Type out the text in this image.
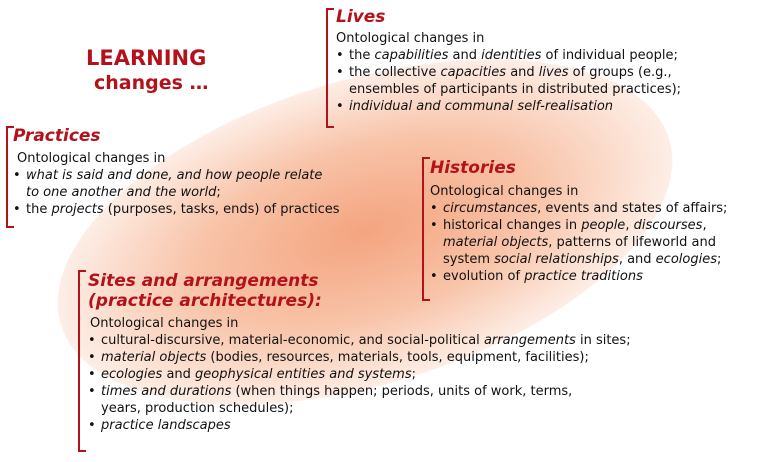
LEARNING
changes …
Lives
Ontological changes in
• the capabilities and identities of individual people;
• the collective capacities and lives of groups (e.g.,
ensembles of participants in distributed practices);
• individual and communal self-realisation
Practices
Ontological changes in
• what is said and done, and how people relate
to one another and the world;
• the projects (purposes, tasks, ends) of practices
Histories
Ontological changes in
• circumstances, events and states of affairs;
• historical changes in people, discourses,
material objects, patterns of lifeworld and
system social relationships, and ecologies;
• evolution of practice traditions
Sites and arrangements
(practice architectures):
Ontological changes in
• cultural-discursive, material-economic, and social-political arrangements in sites;
• material objects (bodies, resources, materials, tools, equipment, facilities);
• ecologies and geophysical entities and systems;
• times and durations (when things happen; periods, units of work, terms,
years, production schedules);
• practice landscapes
